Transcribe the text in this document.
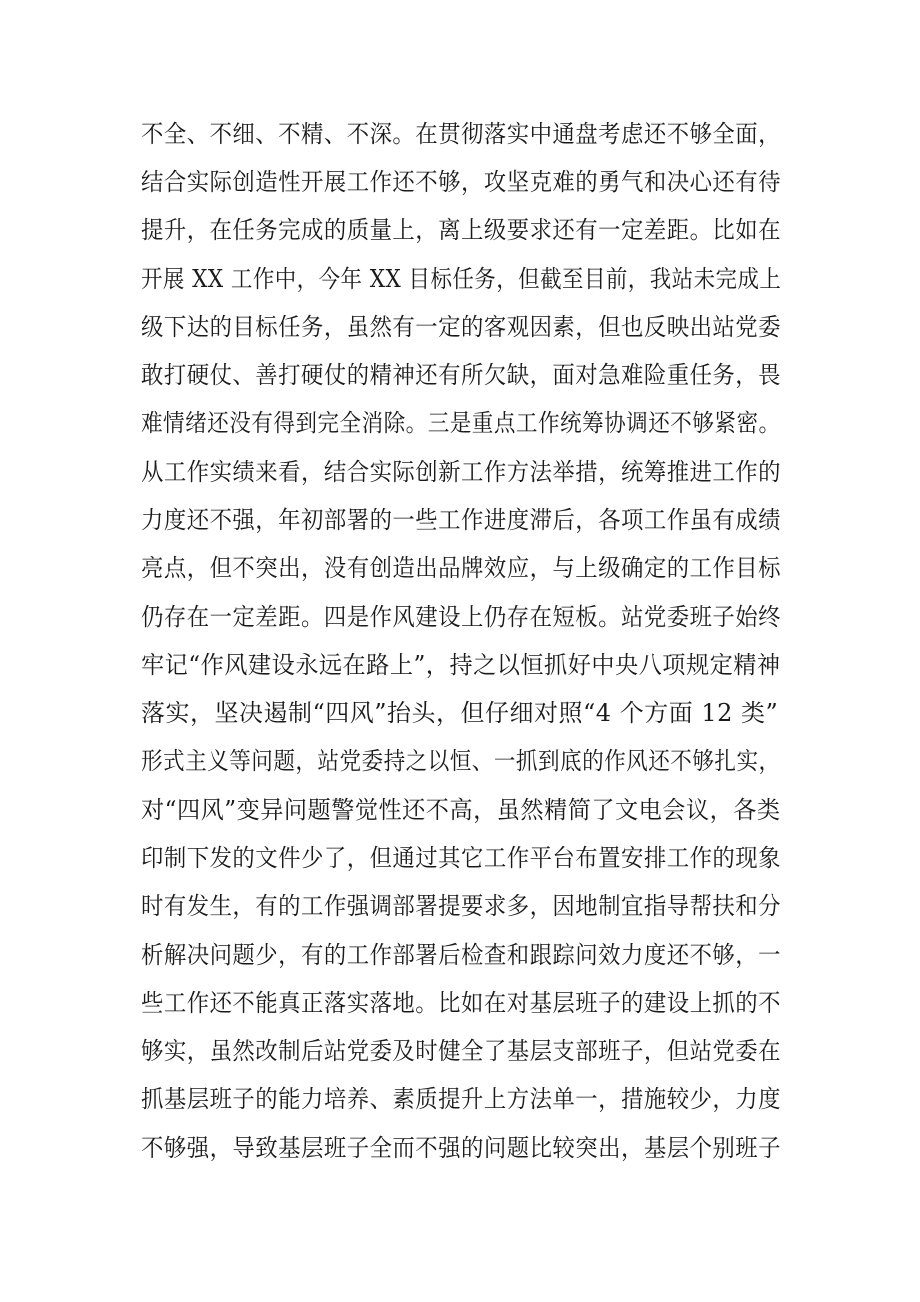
不全、不细、不精、不深。在贯彻落实中通盘考虑还不够全面，
结合实际创造性开展工作还不够，攻坚克难的勇气和决心还有待
提升，在任务完成的质量上，离上级要求还有一定差距。比如在
开展 XX 工作中，今年 XX 目标任务，但截至目前，我站未完成上
级下达的目标任务，虽然有一定的客观因素，但也反映出站党委
敢打硬仗、善打硬仗的精神还有所欠缺，面对急难险重任务，畏
难情绪还没有得到完全消除。三是重点工作统筹协调还不够紧密。
从工作实绩来看，结合实际创新工作方法举措，统筹推进工作的
力度还不强，年初部署的一些工作进度滞后，各项工作虽有成绩
亮点，但不突出，没有创造出品牌效应，与上级确定的工作目标
仍存在一定差距。四是作风建设上仍存在短板。站党委班子始终
牢记“作风建设永远在路上”，持之以恒抓好中央八项规定精神
落实，坚决遏制“四风”抬头，但仔细对照“4 个方面 12 类”
形式主义等问题，站党委持之以恒、一抓到底的作风还不够扎实，
对“四风”变异问题警觉性还不高，虽然精简了文电会议，各类
印制下发的文件少了，但通过其它工作平台布置安排工作的现象
时有发生，有的工作强调部署提要求多，因地制宜指导帮扶和分
析解决问题少，有的工作部署后检查和跟踪问效力度还不够，一
些工作还不能真正落实落地。比如在对基层班子的建设上抓的不
够实，虽然改制后站党委及时健全了基层支部班子，但站党委在
抓基层班子的能力培养、素质提升上方法单一，措施较少，力度
不够强，导致基层班子全而不强的问题比较突出，基层个别班子
